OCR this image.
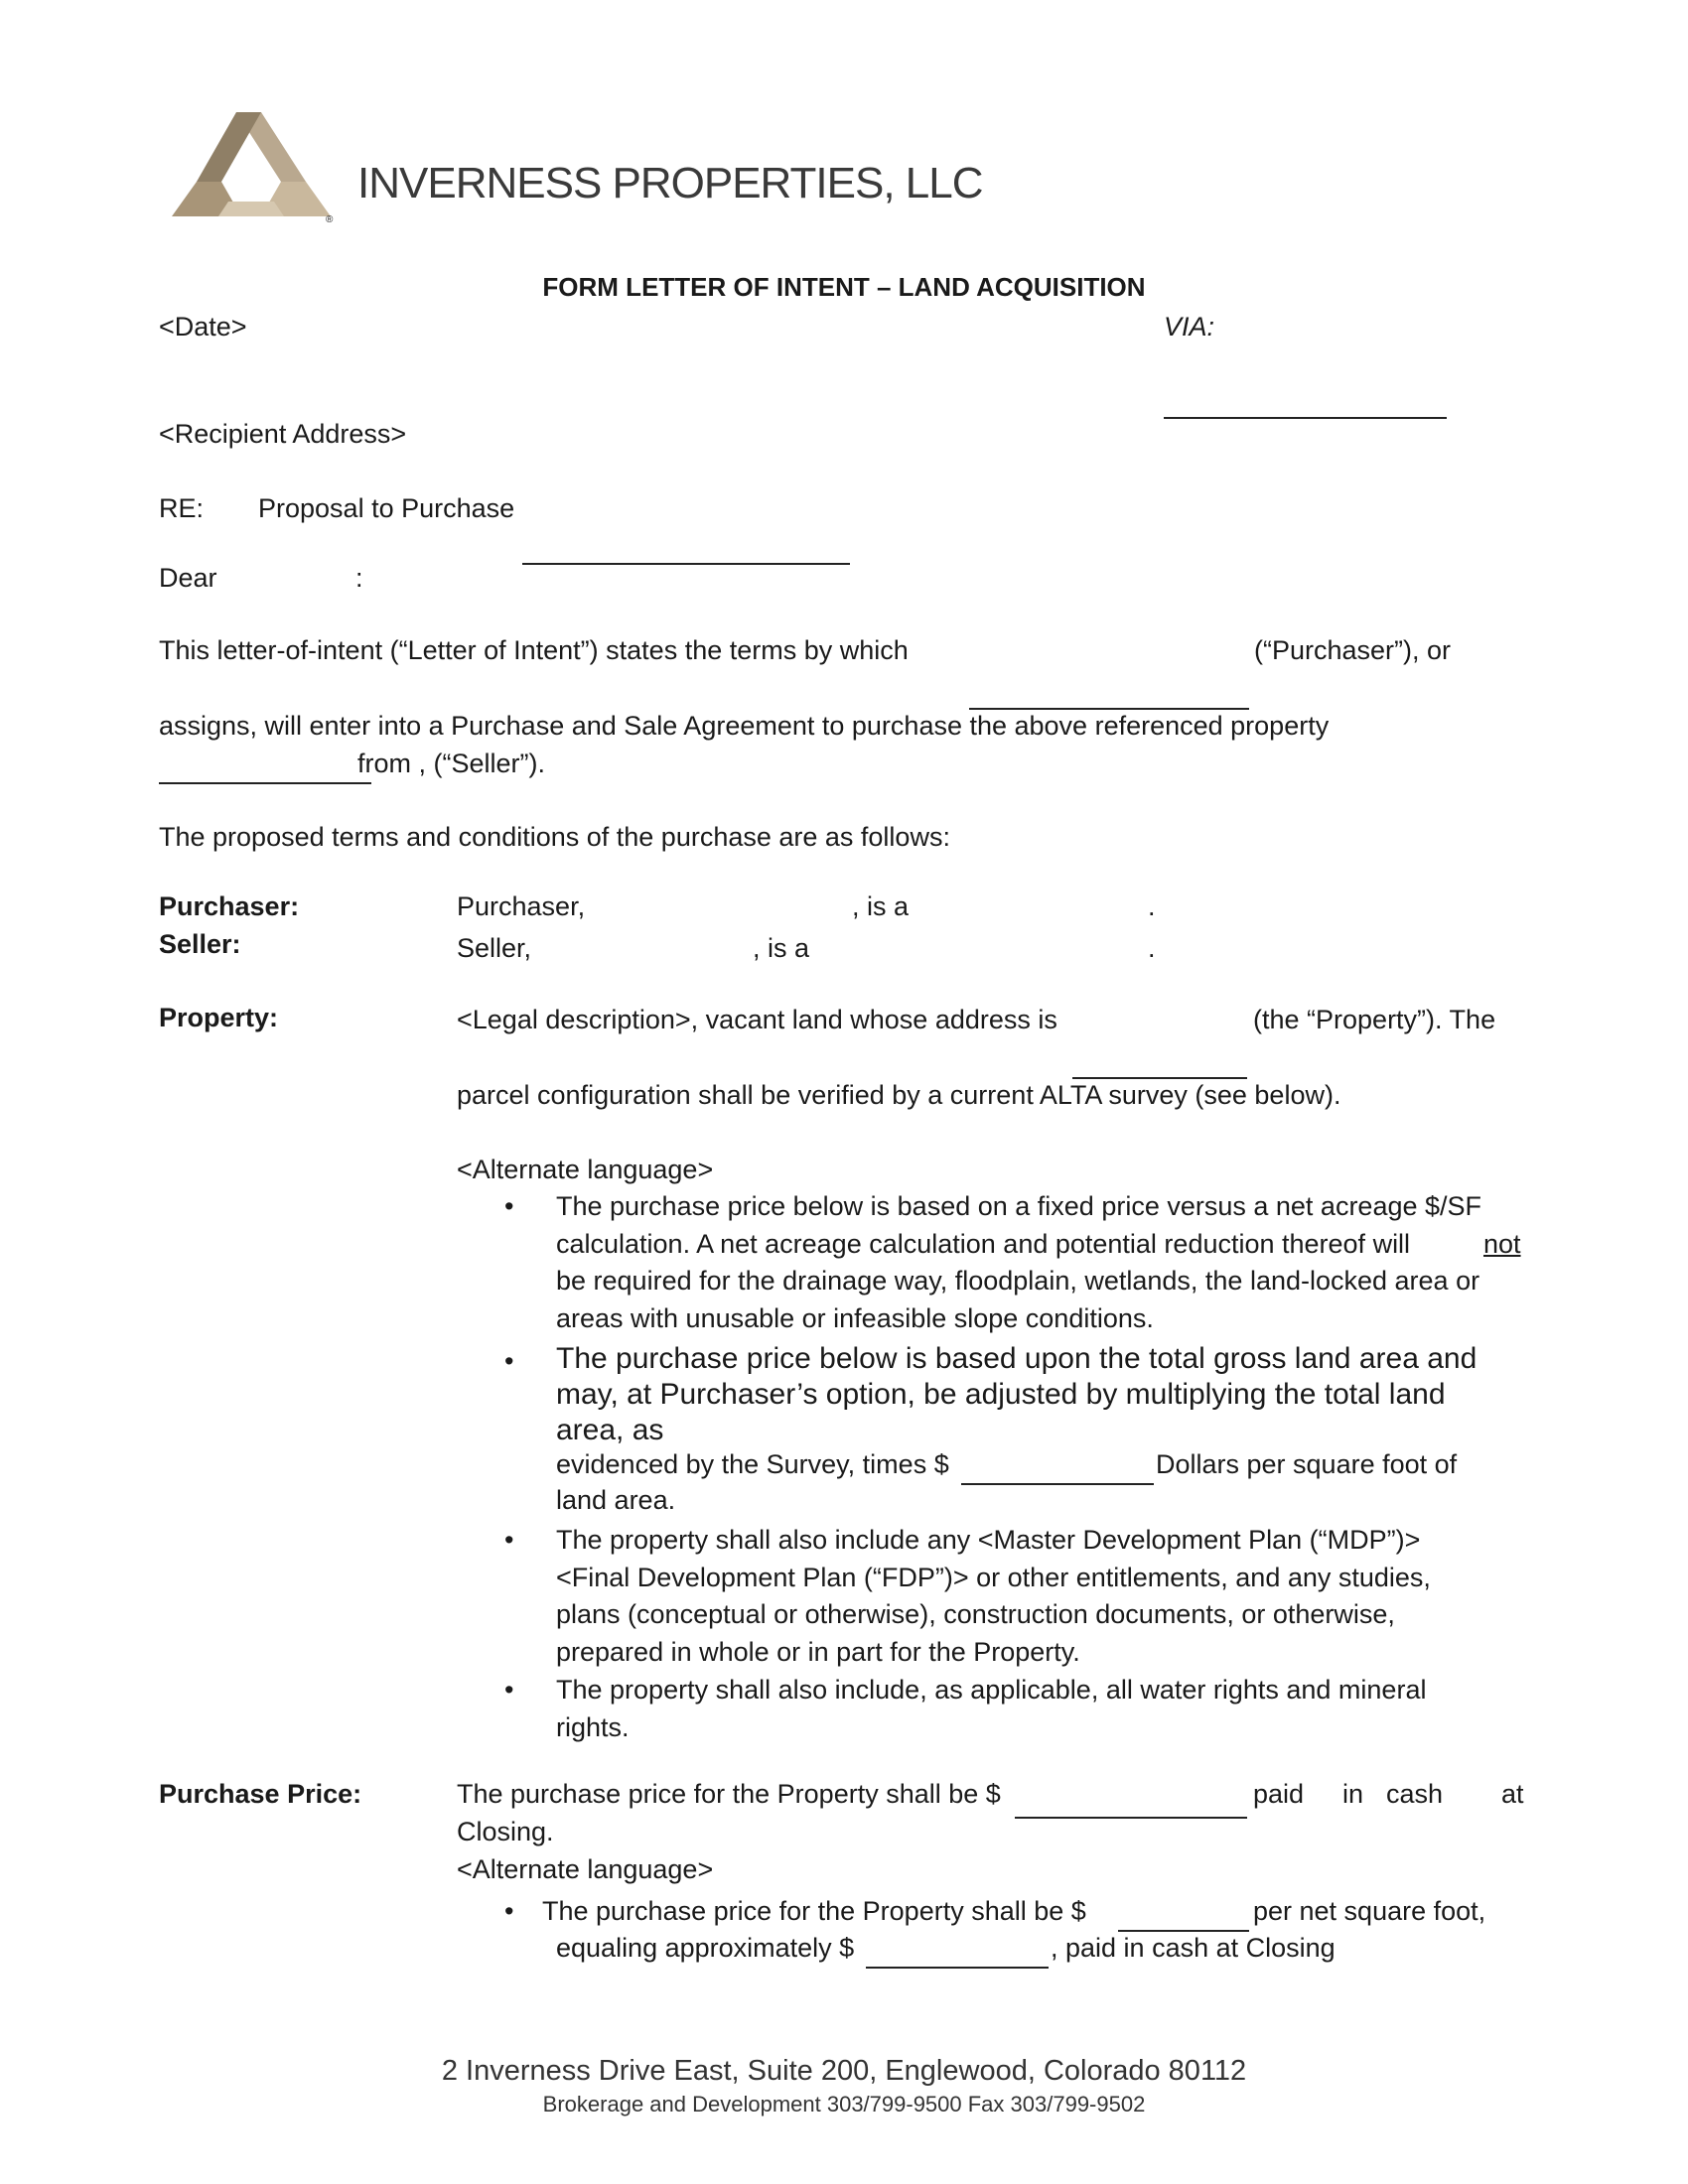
®
INVERNESS PROPERTIES, LLC
FORM LETTER OF INTENT – LAND ACQUISITION
<Date>	VIA:
<Recipient Address>
RE: Proposal to Purchase
Dear	:
This letter-of-intent (“Letter of Intent”) states the terms by which	(“Purchaser”), or
assigns, will enter into a Purchase and Sale Agreement to purchase the above referenced property
from , (“Seller”).
The proposed terms and conditions of the purchase are as follows:
Purchaser:	Purchaser,	, is a	.
Seller:	Seller,	, is a	.
Property:	<Legal description>, vacant land whose address is	(the “Property”). The
parcel configuration shall be verified by a current ALTA survey (see below).
<Alternate language>
• The purchase price below is based on a fixed price versus a net acreage $/SF
calculation. A net acreage calculation and potential reduction thereof will	not
be required for the drainage way, floodplain, wetlands, the land-locked area or
areas with unusable or infeasible slope conditions.
• The purchase price below is based upon the total gross land area and
may, at Purchaser’s option, be adjusted by multiplying the total land
area, as
evidenced by the Survey, times $	Dollars per square foot of
land area.
• The property shall also include any <Master Development Plan (“MDP”)>
<Final Development Plan (“FDP”)> or other entitlements, and any studies,
plans (conceptual or otherwise), construction documents, or otherwise,
prepared in whole or in part for the Property.
• The property shall also include, as applicable, all water rights and mineral
rights.
Purchase Price:	The purchase price for the Property shall be $	paid in cash at
Closing.
<Alternate language>
• The purchase price for the Property shall be $	per net square foot,
equaling approximately $	, paid in cash at Closing
2 Inverness Drive East, Suite 200, Englewood, Colorado 80112
Brokerage and Development 303/799-9500 Fax 303/799-9502
